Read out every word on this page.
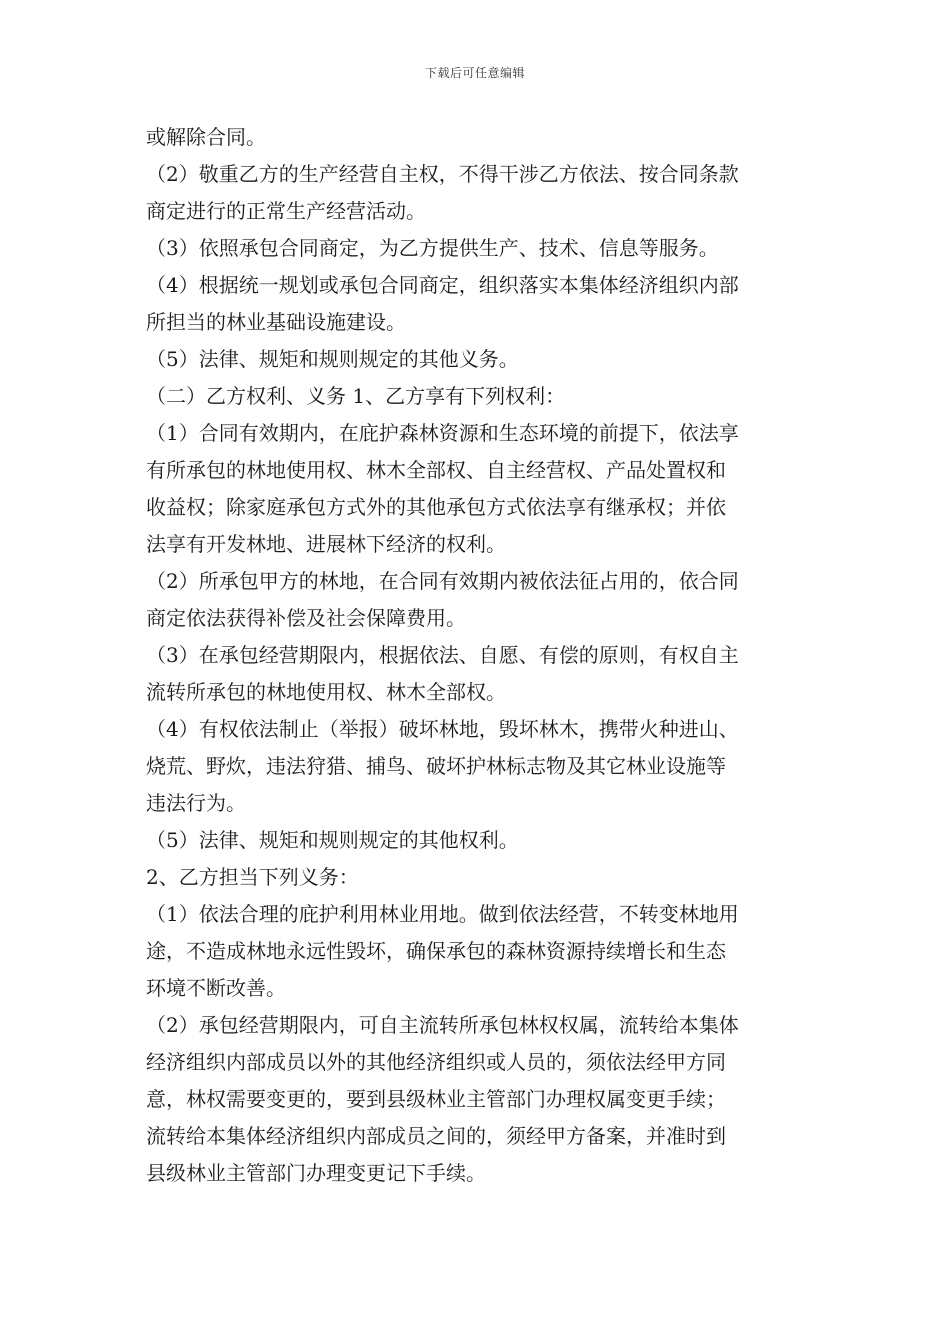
下载后可任意编辑
或解除合同。
（2）敬重乙方的生产经营自主权，不得干涉乙方依法、按合同条款
商定进行的正常生产经营活动。
（3）依照承包合同商定，为乙方提供生产、技术、信息等服务。
（4）根据统一规划或承包合同商定，组织落实本集体经济组织内部
所担当的林业基础设施建设。
（5）法律、规矩和规则规定的其他义务。
（二）乙方权利、义务 1、乙方享有下列权利：
（1）合同有效期内，在庇护森林资源和生态环境的前提下，依法享
有所承包的林地使用权、林木全部权、自主经营权、产品处置权和
收益权；除家庭承包方式外的其他承包方式依法享有继承权；并依
法享有开发林地、进展林下经济的权利。
（2）所承包甲方的林地，在合同有效期内被依法征占用的，依合同
商定依法获得补偿及社会保障费用。
（3）在承包经营期限内，根据依法、自愿、有偿的原则，有权自主
流转所承包的林地使用权、林木全部权。
（4）有权依法制止（举报）破坏林地，毁坏林木，携带火种进山、
烧荒、野炊，违法狩猎、捕鸟、破坏护林标志物及其它林业设施等
违法行为。
（5）法律、规矩和规则规定的其他权利。
2、乙方担当下列义务：
（1）依法合理的庇护利用林业用地。做到依法经营，不转变林地用
途，不造成林地永远性毁坏，确保承包的森林资源持续增长和生态
环境不断改善。
（2）承包经营期限内，可自主流转所承包林权权属，流转给本集体
经济组织内部成员以外的其他经济组织或人员的，须依法经甲方同
意，林权需要变更的，要到县级林业主管部门办理权属变更手续；
流转给本集体经济组织内部成员之间的，须经甲方备案，并准时到
县级林业主管部门办理变更记下手续。
